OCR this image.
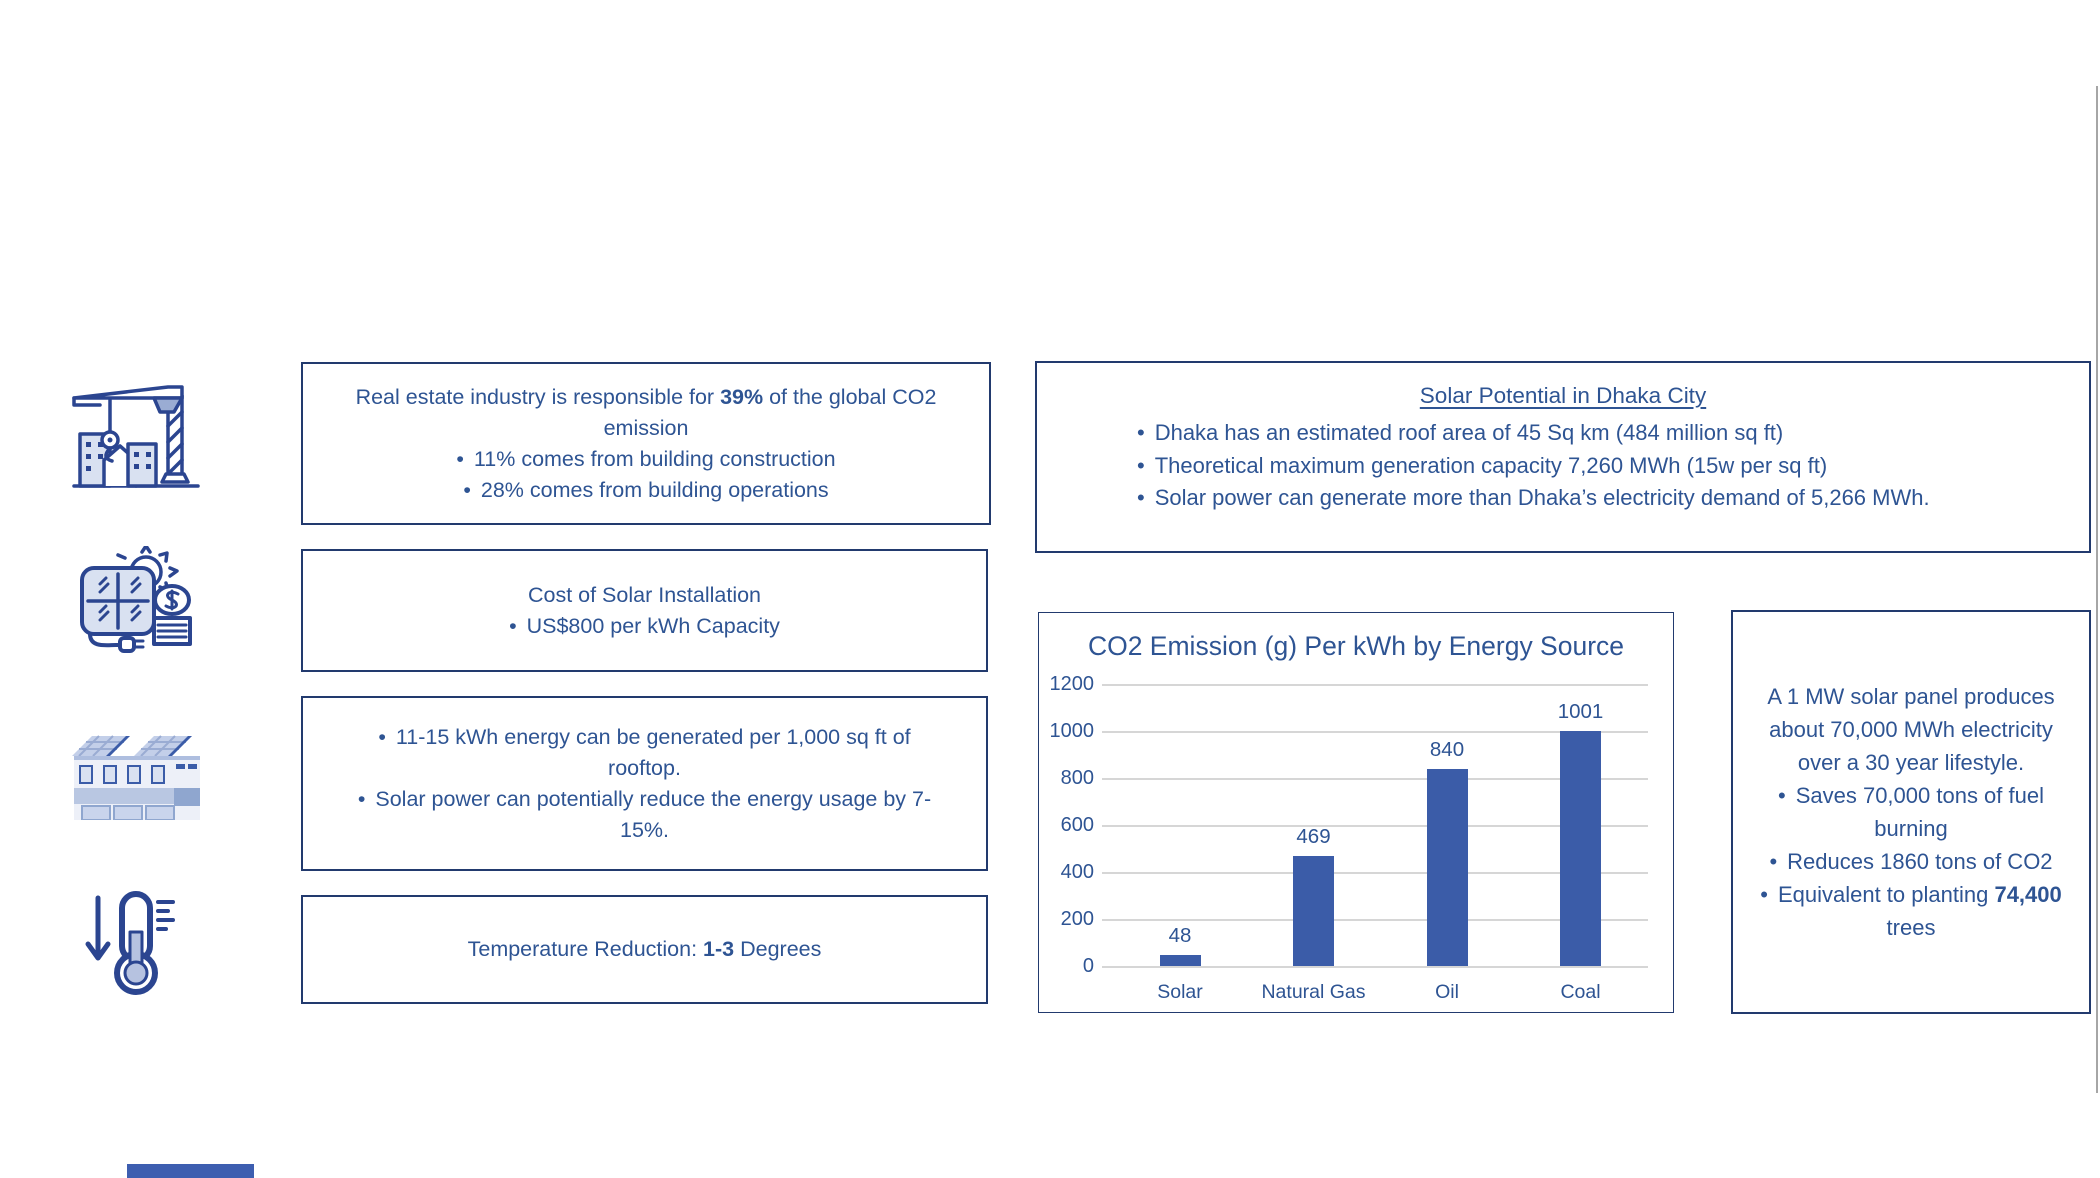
Real estate industry is responsible for 39% of the global CO2 emission
• 11% comes from building construction
• 28% comes from building operations
Cost of Solar Installation
• US$800 per kWh Capacity
• 11-15 kWh energy can be generated per 1,000 sq ft of rooftop.
• Solar power can potentially reduce the energy usage by 7-15%.
Temperature Reduction: 1-3 Degrees
Solar Potential in Dhaka City
• Dhaka has an estimated roof area of 45 Sq km (484 million sq ft)
• Theoretical maximum generation capacity 7,260 MWh (15w per sq ft)
• Solar power can generate more than Dhaka’s electricity demand of 5,266 MWh.
CO2 Emission (g) Per kWh by Energy Source
0
200
400
600
800
1000
1200
48
Solar
469
Natural Gas
840
Oil
1001
Coal
A 1 MW solar panel produces about 70,000 MWh electricity over a 30 year lifestyle.
• Saves 70,000 tons of fuel burning
• Reduces 1860 tons of CO2
• Equivalent to planting 74,400 trees
